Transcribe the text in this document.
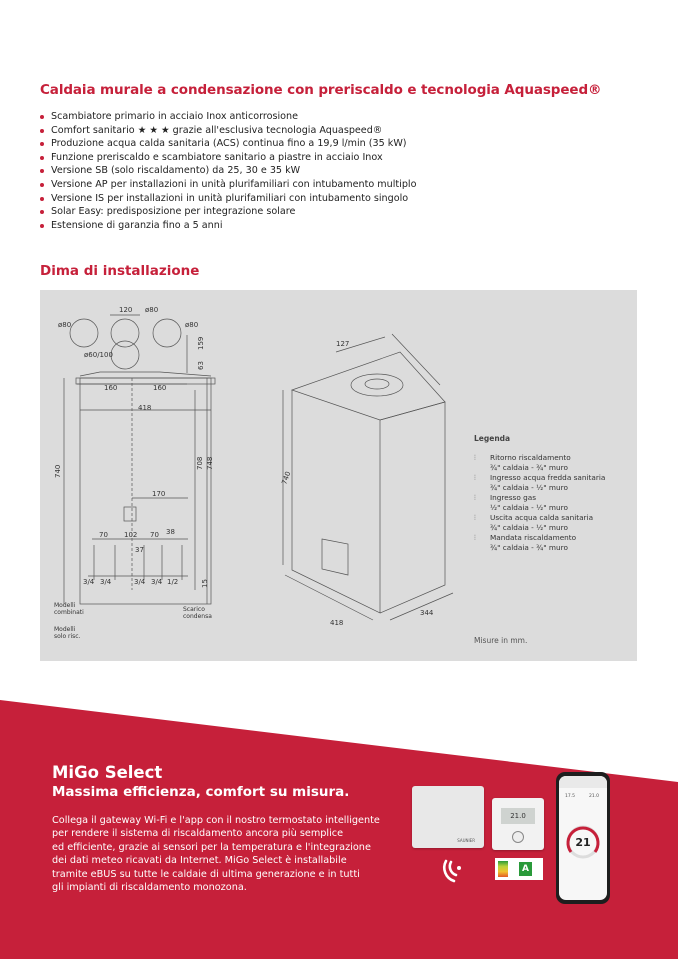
Caldaia murale a condensazione con preriscaldo e tecnologia Aquaspeed®
Scambiatore primario in acciaio Inox anticorrosione
Comfort sanitario ★ ★ ★ grazie all'esclusiva tecnologia Aquaspeed®
Produzione acqua calda sanitaria (ACS) continua fino a 19,9 l/min (35 kW)
Funzione preriscaldo e scambiatore sanitario a piastre in acciaio Inox
Versione SB (solo riscaldamento) da 25, 30 e 35 kW
Versione AP per installazioni in unità plurifamiliari con intubamento multiplo
Versione IS per installazioni in unità plurifamiliari con intubamento singolo
Solar Easy: predisposizione per integrazione solare
Estensione di garanzia fino a 5 anni
Dima di installazione
120 ø80
ø80	ø80
ø60/100
160	160
418
170
70 102 70 38
37
3/4 3/4	3/4 3/4 1/2
127
418
344
740
159
63
708 748
15
740
Modelli
combinati
Modelli
solo risc.
Scarico
condensa
Legenda
⫶ Ritorno riscaldamento
¾" caldaia - ¾" muro
⫶ Ingresso acqua fredda sanitaria
¾" caldaia - ½" muro
⫶ Ingresso gas
½" caldaia - ½" muro
⫶ Uscita acqua calda sanitaria
¾" caldaia - ½" muro
⫶ Mandata riscaldamento
¾" caldaia - ¾" muro
Misure in mm.
MiGo Select
Massima efficienza, comfort su misura.
Collega il gateway Wi-Fi e l'app con il nostro termostato intelligente
per rendere il sistema di riscaldamento ancora più semplice
ed efficiente, grazie ai sensori per la temperatura e l'integrazione
dei dati meteo ricavati da Internet. MiGo Select è installabile
tramite eBUS su tutte le caldaie di ultima generazione e in tutti
gli impianti di riscaldamento monozona.
SAUNIER
21.0
A
17.5	21.0
21
